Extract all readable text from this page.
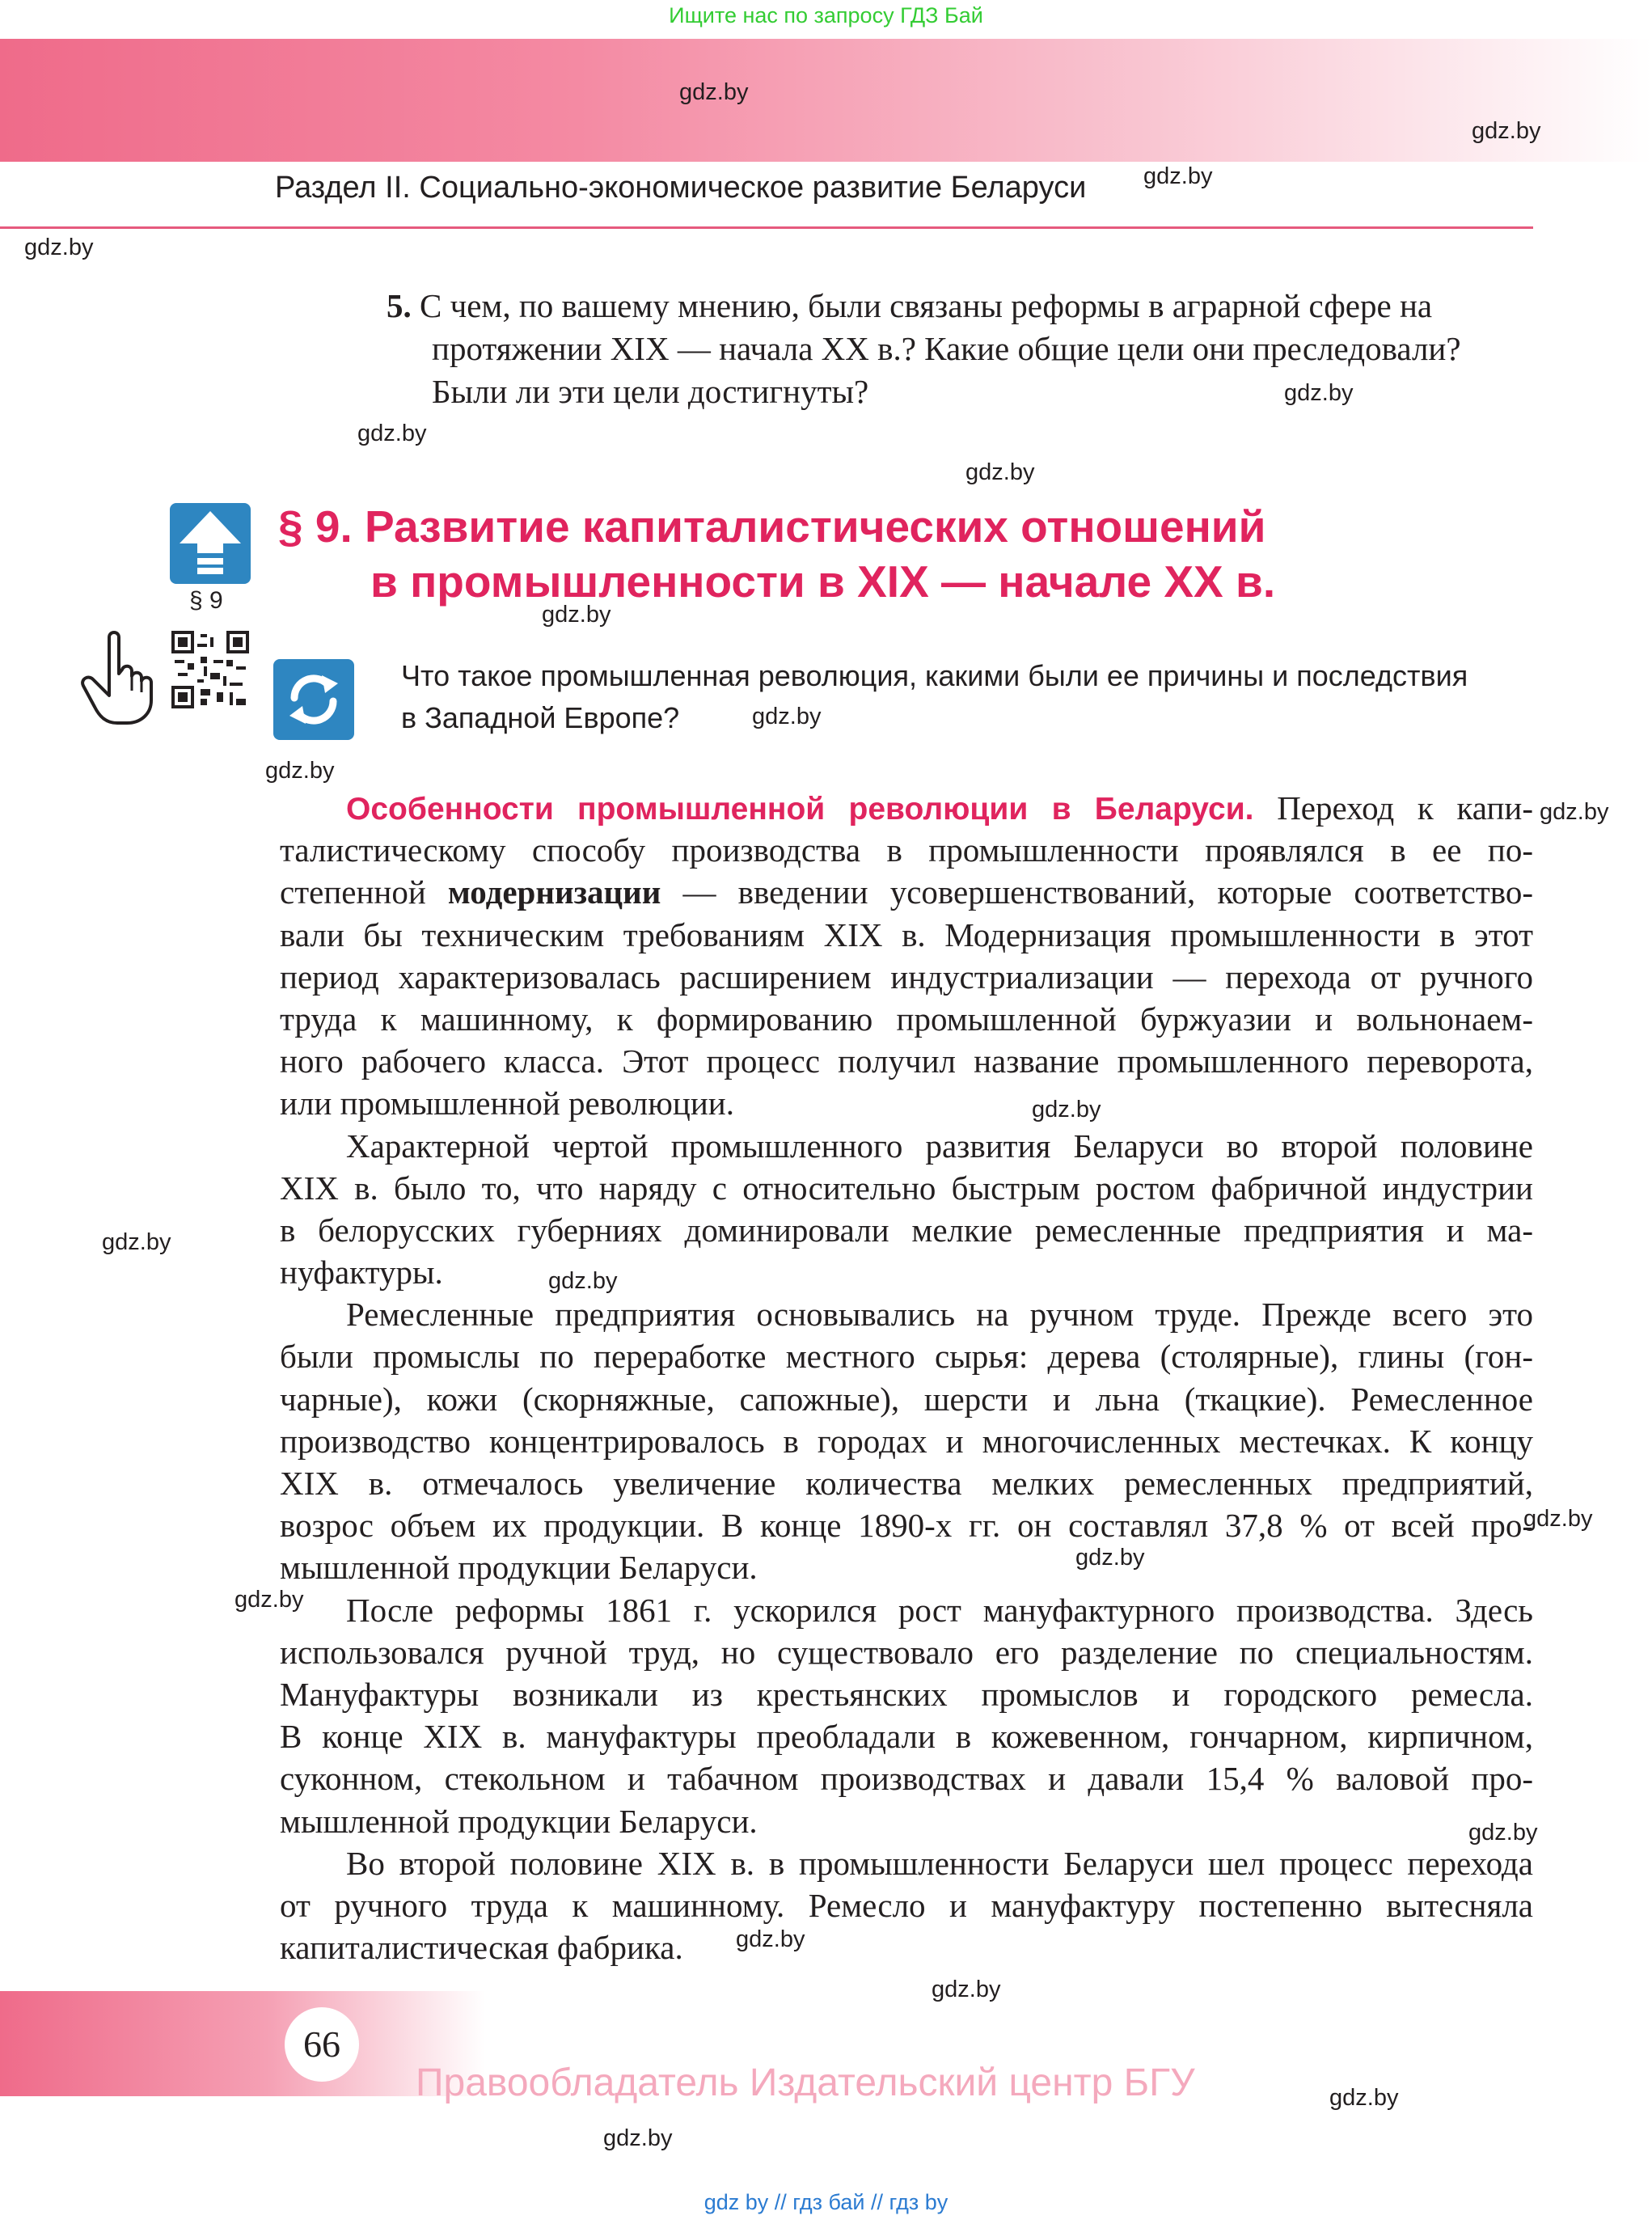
Ищите нас по запросу ГДЗ Бай
Раздел II. Социально-экономическое развитие Беларуси
gdz.by
gdz.by
gdz.by
gdz.by
gdz.by
gdz.by
gdz.by
gdz.by
gdz.by
gdz.by
gdz.by
gdz.by
gdz.by
gdz.by
gdz.by
gdz.by
gdz.by
gdz.by
gdz.by
gdz.by
gdz.by
gdz.by
5. С чем, по вашему мнению, были связаны реформы в аграрной сфере на
протяжении XIX — начала XX в.? Какие общие цели они преследовали?
Были ли эти цели достигнуты?
§ 9
§ 9. Развитие капиталистических отношений
в промышленности в XIX — начале XX в.
Что такое промышленная революция, какими были ее причины и последствия
в Западной Европе?
Особенности промышленной революции в Беларуси. Переход к капи-
талистическому способу производства в промышленности проявлялся в ее по-
степенной модернизации — введении усовершенствований, которые соответство-
вали бы техническим требованиям XIX в. Модернизация промышленности в этот
период характеризовалась расширением индустриализации — перехода от ручного
труда к машинному, к формированию промышленной буржуазии и вольнонаем-
ного рабочего класса. Этот процесс получил название промышленного переворота,
или промышленной революции.
Характерной чертой промышленного развития Беларуси во второй половине
XIX в. было то, что наряду с относительно быстрым ростом фабричной индустрии
в белорусских губерниях доминировали мелкие ремесленные предприятия и ма-
нуфактуры.
Ремесленные предприятия основывались на ручном труде. Прежде всего это
были промыслы по переработке местного сырья: дерева (столярные), глины (гон-
чарные), кожи (скорняжные, сапожные), шерсти и льна (ткацкие). Ремесленное
производство концентрировалось в городах и многочисленных местечках. К концу
XIX в. отмечалось увеличение количества мелких ремесленных предприятий,
возрос объем их продукции. В конце 1890-х гг. он составлял 37,8 % от всей про-
мышленной продукции Беларуси.
После реформы 1861 г. ускорился рост мануфактурного производства. Здесь
использовался ручной труд, но существовало его разделение по специальностям.
Мануфактуры возникали из крестьянских промыслов и городского ремесла.
В конце XIX в. мануфактуры преобладали в кожевенном, гончарном, кирпичном,
суконном, стекольном и табачном производствах и давали 15,4 % валовой про-
мышленной продукции Беларуси.
Во второй половине XIX в. в промышленности Беларуси шел процесс перехода
от ручного труда к машинному. Ремесло и мануфактуру постепенно вытесняла
капиталистическая фабрика.
66
Правообладатель Издательский центр БГУ
gdz by // гдз бай // гдз by
